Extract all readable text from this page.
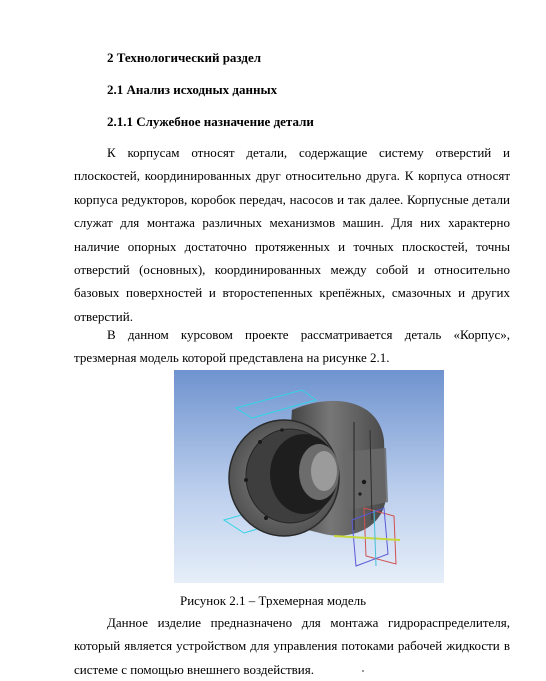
2 Технологический раздел
2.1 Анализ исходных данных
2.1.1 Служебное назначение детали

К корпусам относят детали, содержащие систему отверстий и плоскостей, координированных друг относительно друга. К корпуса относят корпуса редукторов, коробок передач, насосов и так далее. Корпусные детали служат для монтажа различных механизмов машин. Для них характерно наличие опорных достаточно протяженных и точных плоскостей, точны отверстий (основных), координированных между собой и относительно базовых поверхностей и второстепенных крепёжных, смазочных и других отверстий.

В данном курсовом проекте рассматривается деталь «Корпус», трезмерная модель которой представлена на рисунке 2.1.

Рисунок 2.1 – Трхемерная модель

Данное изделие предназначено для монтажа гидрораспределителя, который является устройством для управления потоками рабочей жидкости в системе с помощью внешнего воздействия.
